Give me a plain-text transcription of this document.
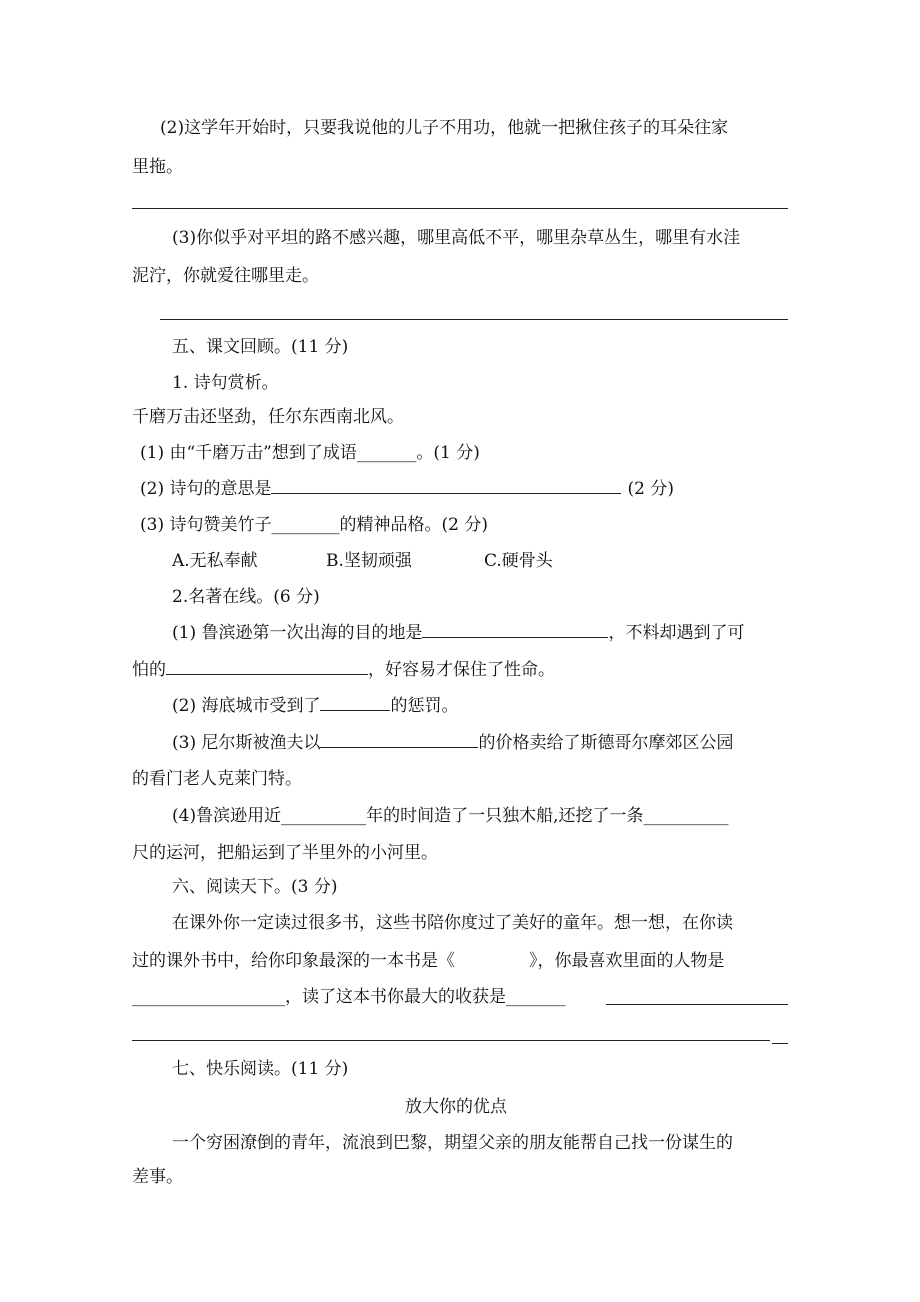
(2)这学年开始时，只要我说他的儿子不用功，他就一把揪住孩子的耳朵往家
里拖。
(3)你似乎对平坦的路不感兴趣，哪里高低不平，哪里杂草丛生，哪里有水洼
泥泞，你就爱往哪里走。
五、课文回顾。(11 分)
1. 诗句赏析。
千磨万击还坚劲，任尔东西南北风。
(1) 由“千磨万击”想到了成语_______。(1 分)
(2) 诗句的意思是	(2 分)
(3) 诗句赞美竹子________的精神品格。(2 分)
A.无私奉献	B.坚韧顽强	C.硬骨头
2.名著在线。(6 分)
(1) 鲁滨逊第一次出海的目的地是	，不料却遇到了可
怕的	，好容易才保住了性命。
(2) 海底城市受到了	的惩罚。
(3) 尼尔斯被渔夫以	的价格卖给了斯德哥尔摩郊区公园
的看门老人克莱门特。
(4)鲁滨逊用近__________年的时间造了一只独木船,还挖了一条__________
尺的运河，把船运到了半里外的小河里。
六、阅读天下。(3 分)
在课外你一定读过很多书，这些书陪你度过了美好的童年。想一想，在你读
过的课外书中，给你印象最深的一本书是《	》，你最喜欢里面的人物是
__________________，读了这本书你最大的收获是_______
七、快乐阅读。(11 分)
放大你的优点
一个穷困潦倒的青年，流浪到巴黎，期望父亲的朋友能帮自己找一份谋生的
差事。
